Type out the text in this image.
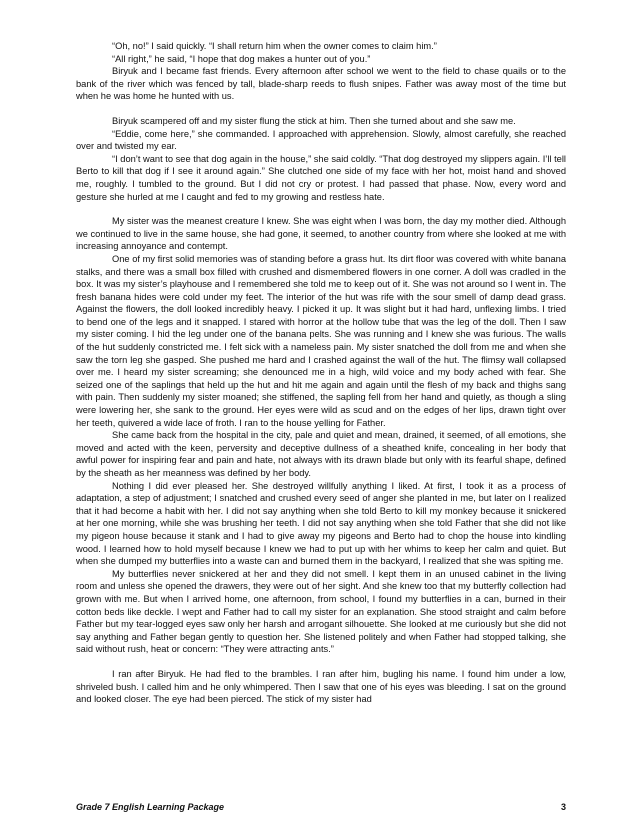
“Oh, no!” I said quickly. “I shall return him when the owner comes to claim him.”

“All right,” he said, “I hope that dog makes a hunter out of you.”

Biryuk and I became fast friends. Every afternoon after school we went to the field to chase quails or to the bank of the river which was fenced by tall, blade-sharp reeds to flush snipes. Father was away most of the time but when he was home he hunted with us.

Biryuk scampered off and my sister flung the stick at him. Then she turned about and she saw me.

“Eddie, come here,” she commanded. I approached with apprehension. Slowly, almost carefully, she reached over and twisted my ear.

“I don’t want to see that dog again in the house,” she said coldly. “That dog destroyed my slippers again. I’ll tell Berto to kill that dog if I see it around again.” She clutched one side of my face with her hot, moist hand and shoved me, roughly. I tumbled to the ground. But I did not cry or protest. I had passed that phase. Now, every word and gesture she hurled at me I caught and fed to my growing and restless hate.

My sister was the meanest creature I knew. She was eight when I was born, the day my mother died. Although we continued to live in the same house, she had gone, it seemed, to another country from where she looked at me with increasing annoyance and contempt.

One of my first solid memories was of standing before a grass hut. Its dirt floor was covered with white banana stalks, and there was a small box filled with crushed and dismembered flowers in one corner. A doll was cradled in the box. It was my sister’s playhouse and I remembered she told me to keep out of it. She was not around so I went in. The fresh banana hides were cold under my feet. The interior of the hut was rife with the sour smell of damp dead grass. Against the flowers, the doll looked incredibly heavy. I picked it up. It was slight but it had hard, unflexing limbs. I tried to bend one of the legs and it snapped. I stared with horror at the hollow tube that was the leg of the doll. Then I saw my sister coming. I hid the leg under one of the banana pelts. She was running and I knew she was furious. The walls of the hut suddenly constricted me. I felt sick with a nameless pain. My sister snatched the doll from me and when she saw the torn leg she gasped. She pushed me hard and I crashed against the wall of the hut. The flimsy wall collapsed over me. I heard my sister screaming; she denounced me in a high, wild voice and my body ached with fear. She seized one of the saplings that held up the hut and hit me again and again until the flesh of my back and thighs sang with pain. Then suddenly my sister moaned; she stiffened, the sapling fell from her hand and quietly, as though a sling were lowering her, she sank to the ground. Her eyes were wild as scud and on the edges of her lips, drawn tight over her teeth, quivered a wide lace of froth. I ran to the house yelling for Father.

She came back from the hospital in the city, pale and quiet and mean, drained, it seemed, of all emotions, she moved and acted with the keen, perversity and deceptive dullness of a sheathed knife, concealing in her body that awful power for inspiring fear and pain and hate, not always with its drawn blade but only with its fearful shape, defined by the sheath as her meanness was defined by her body.

Nothing I did ever pleased her. She destroyed willfully anything I liked. At first, I took it as a process of adaptation, a step of adjustment; I snatched and crushed every seed of anger she planted in me, but later on I realized that it had become a habit with her. I did not say anything when she told Berto to kill my monkey because it snickered at her one morning, while she was brushing her teeth. I did not say anything when she told Father that she did not like my pigeon house because it stank and I had to give away my pigeons and Berto had to chop the house into kindling wood. I learned how to hold myself because I knew we had to put up with her whims to keep her calm and quiet. But when she dumped my butterflies into a waste can and burned them in the backyard, I realized that she was spiting me.

My butterflies never snickered at her and they did not smell. I kept them in an unused cabinet in the living room and unless she opened the drawers, they were out of her sight. And she knew too that my butterfly collection had grown with me. But when I arrived home, one afternoon, from school, I found my butterflies in a can, burned in their cotton beds like deckle. I wept and Father had to call my sister for an explanation. She stood straight and calm before Father but my tear-logged eyes saw only her harsh and arrogant silhouette. She looked at me curiously but she did not say anything and Father began gently to question her. She listened politely and when Father had stopped talking, she said without rush, heat or concern: “They were attracting ants.”

I ran after Biryuk. He had fled to the brambles. I ran after him, bugling his name. I found him under a low, shriveled bush. I called him and he only whimpered. Then I saw that one of his eyes was bleeding. I sat on the ground and looked closer. The eye had been pierced. The stick of my sister had

Grade 7 English Learning Package	3
